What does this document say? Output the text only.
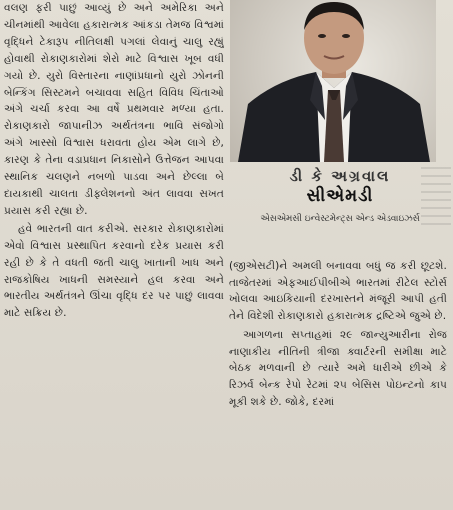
વલણ ફરી પાછું આવ્યું છે અને અમેરિકા અને ચીનમાંથી આવેલા હકારાત્મક આંકડા તેમજ વિશ્વમાં વૃદ્ધિને ટેકારૂપ નીતિલક્ષી પગલાં લેવાનું ચાલુ રહ્યું હોવાથી રોકાણકારોમાં શેરો માટે વિશ્વાસ ખૂબ વધી ગયો છે. યુરો વિસ્તારના નાણાંપ્રધાનો યુરો ઝોનની બેન્કિંગ સિસ્ટમને બચાવવા સહિત વિવિધ ચિંતાઓ અંગે ચર્ચા કરવા આ વર્ષે પ્રથમવાર મળ્યા હતા. રોકાણકારો જાપાનીઝ અર્થતંત્રના ભાવિ સંજોગો અંગે ખાસ્સો વિશ્વાસ ધરાવતા હોય એમ લાગે છે, કારણ કે તેના વડાપ્રધાન નિકાસોને ઉત્તેજન આપવા સ્થાનિક ચલણને નબળો પાડવા અને છેલ્લા બે દાયકાથી ચાલતા ડીફ્લેશનનો અંત લાવવા સખત પ્રયાસ કરી રહ્યા છે.

હવે ભારતની વાત કરીએ. સરકાર રોકાણકારોમાં એવો વિશ્વાસ પ્રસ્થાપિત કરવાનો દરેક પ્રયાસ કરી રહી છે કે તે વધતી જતી ચાલુ ખાતાની ખાધ અને રાજકોષિય ખાધની સમસ્યાને હલ કરવા અને ભારતીય અર્થતંત્રને ઊંચા વૃદ્ધિ દર પર પાછું લાવવા માટે સક્રિય છે.

ડી કે અગ્રવાલ
સીએમડી
એસએમસી ઇન્વેસ્ટમેન્ટ્સ એન્ડ એડવાઇઝર્સ

(જીએસટી)ને અમલી બનાવવા બધું જ કરી છૂટશે. તાજેતરમાં એફઆઈપીબીએ ભારતમાં રીટેલ સ્ટોર્સ ખોલવા આઇકિયાની દરખાસ્તને મંજૂરી આપી હતી તેને વિદેશી રોકાણકારો હકારાત્મક દ્રષ્ટિએ જુએ છે.

આગળના સપ્તાહમાં ૨૯ જાન્યુઆરીના રોજ નાણાકીય નીતિની ત્રીજા ક્વાર્ટરની સમીક્ષા માટે બેઠક મળવાની છે ત્યારે અમે ધારીએ છીએ કે રિઝર્વ બેન્ક રેપો રેટમાં ૨૫ બેસિસ પોઇન્ટનો કાપ મૂકી શકે છે. જોકે, દરમાં
